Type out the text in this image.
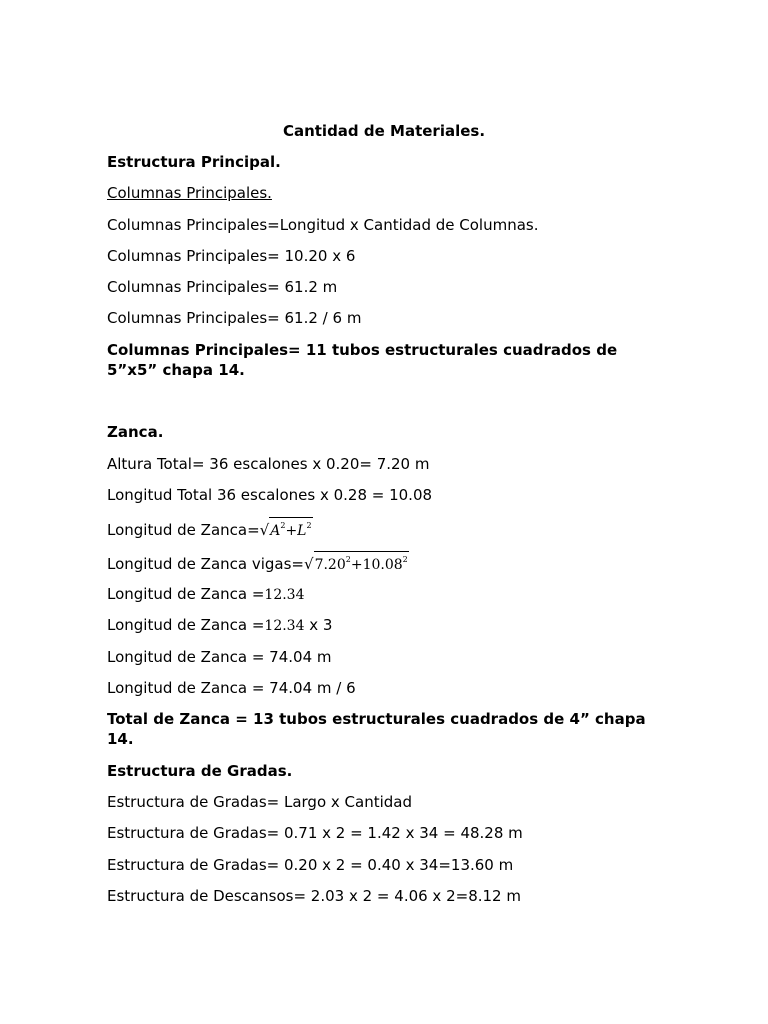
Cantidad de Materiales.
Estructura Principal.
Columnas Principales.
Columnas Principales=Longitud x Cantidad de Columnas.
Columnas Principales= 10.20 x 6
Columnas Principales= 61.2 m
Columnas Principales= 61.2 / 6 m
Columnas Principales= 11 tubos estructurales cuadrados de 5”x5” chapa 14.
Zanca.
Altura Total= 36 escalones x 0.20= 7.20 m
Longitud Total 36 escalones x 0.28 = 10.08
Longitud de $Zanca=√A^2+L^2$
Longitud de Zanca $vigas=√7.20^2+10.08^2$
Longitud de Zanca =12.34
Longitud de Zanca =12.34 x 3
Longitud de Zanca = 74.04 m
Longitud de Zanca = 74.04 m / 6
Total de Zanca = 13 tubos estructurales cuadrados de 4” chapa 14.
Estructura de Gradas.
Estructura de Gradas= Largo x Cantidad
Estructura de Gradas= 0.71 x 2 = 1.42 x 34 = 48.28 m
Estructura de Gradas= 0.20 x 2 = 0.40 x 34=13.60 m
Estructura de Descansos= 2.03 x 2 = 4.06 x 2=8.12 m
